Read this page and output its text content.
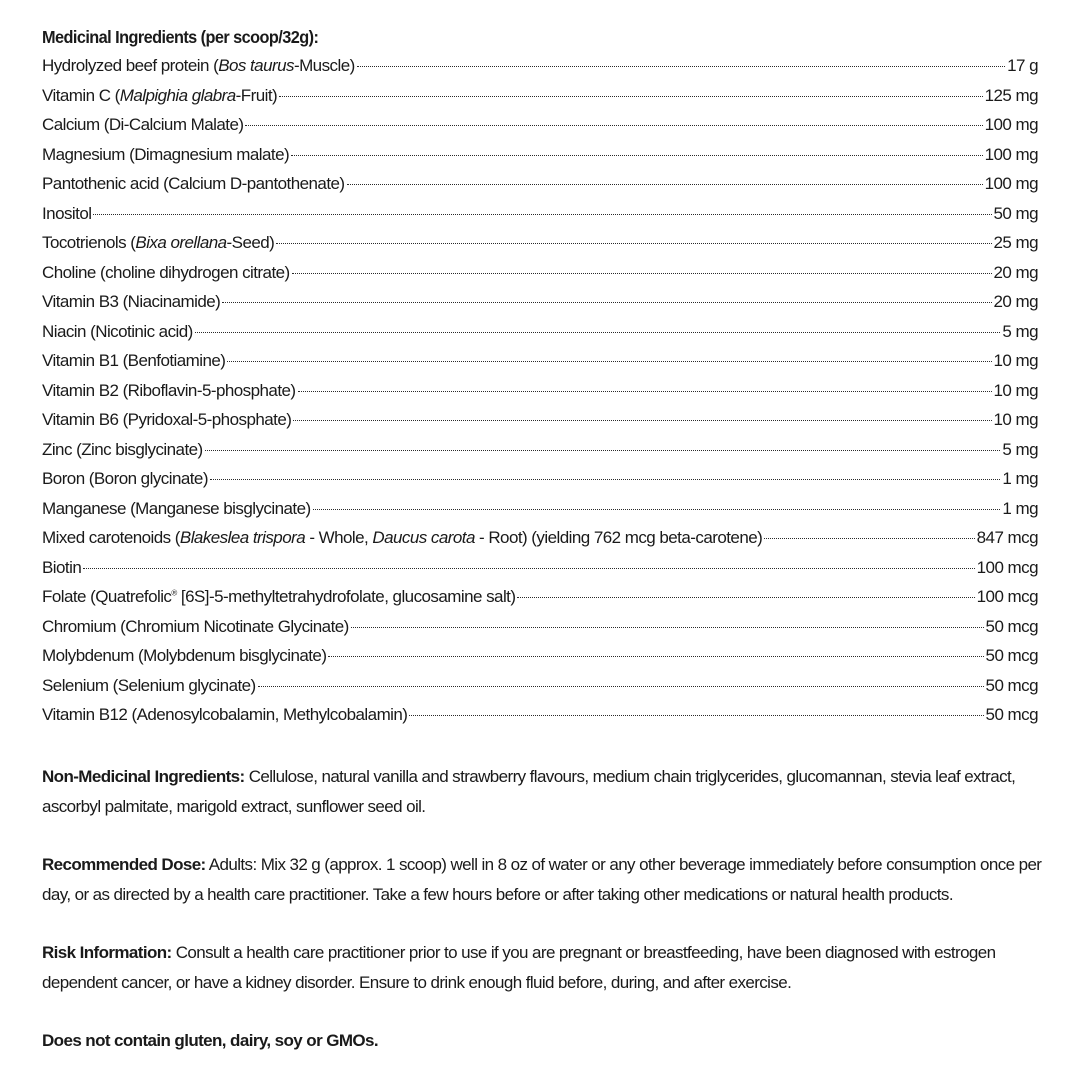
Medicinal Ingredients (per scoop/32g):
Hydrolyzed beef protein (Bos taurus-Muscle)	17 g
Vitamin C (Malpighia glabra-Fruit)	125 mg
Calcium (Di-Calcium Malate)	100 mg
Magnesium (Dimagnesium malate)	100 mg
Pantothenic acid (Calcium D-pantothenate)	100 mg
Inositol	50 mg
Tocotrienols (Bixa orellana-Seed)	25 mg
Choline (choline dihydrogen citrate)	20 mg
Vitamin B3 (Niacinamide)	20 mg
Niacin (Nicotinic acid)	5 mg
Vitamin B1 (Benfotiamine)	10 mg
Vitamin B2 (Riboflavin-5-phosphate)	10 mg
Vitamin B6 (Pyridoxal-5-phosphate)	10 mg
Zinc (Zinc bisglycinate)	5 mg
Boron (Boron glycinate)	1 mg
Manganese (Manganese bisglycinate)	1 mg
Mixed carotenoids (Blakeslea trispora - Whole, Daucus carota - Root) (yielding 762 mcg beta-carotene)	847 mcg
Biotin	100 mcg
Folate (Quatrefolic® [6S]-5-methyltetrahydrofolate, glucosamine salt)	100 mcg
Chromium (Chromium Nicotinate Glycinate)	50 mcg
Molybdenum (Molybdenum bisglycinate)	50 mcg
Selenium (Selenium glycinate)	50 mcg
Vitamin B12 (Adenosylcobalamin, Methylcobalamin)	50 mcg
Non-Medicinal Ingredients: Cellulose, natural vanilla and strawberry flavours, medium chain triglycerides, glucomannan, stevia leaf extract, ascorbyl palmitate, marigold extract, sunflower seed oil.
Recommended Dose: Adults: Mix 32 g (approx. 1 scoop) well in 8 oz of water or any other beverage immediately before consumption once per day, or as directed by a health care practitioner. Take a few hours before or after taking other medications or natural health products.
Risk Information: Consult a health care practitioner prior to use if you are pregnant or breastfeeding, have been diagnosed with estrogen dependent cancer, or have a kidney disorder. Ensure to drink enough fluid before, during, and after exercise.
Does not contain gluten, dairy, soy or GMOs.
